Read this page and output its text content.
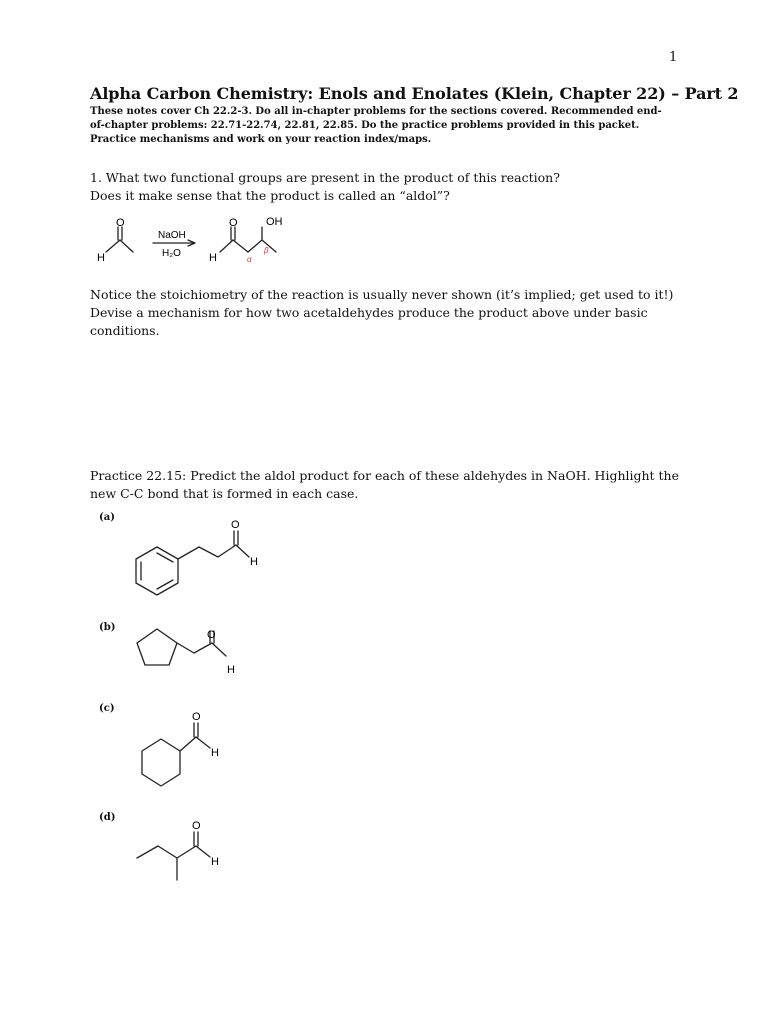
1
Alpha Carbon Chemistry: Enols and Enolates (Klein, Chapter 22) – Part 2
These notes cover Ch 22.2-3. Do all in-chapter problems for the sections covered. Recommended end-of-chapter problems: 22.71-22.74, 22.81, 22.85. Do the practice problems provided in this packet. Practice mechanisms and work on your reaction index/maps.
1. What two functional groups are present in the product of this reaction?
Does it make sense that the product is called an “aldol”?
Notice the stoichiometry of the reaction is usually never shown (it’s implied; get used to it!)
Devise a mechanism for how two acetaldehydes produce the product above under basic
conditions.
Practice 22.15: Predict the aldol product for each of these aldehydes in NaOH. Highlight the
new C-C bond that is formed in each case.
(a)
(b)
(c)
(d)
O
H
NaOH
H₂O
O	OH
H	α
β
O
H
O
H
O
H
O
H
